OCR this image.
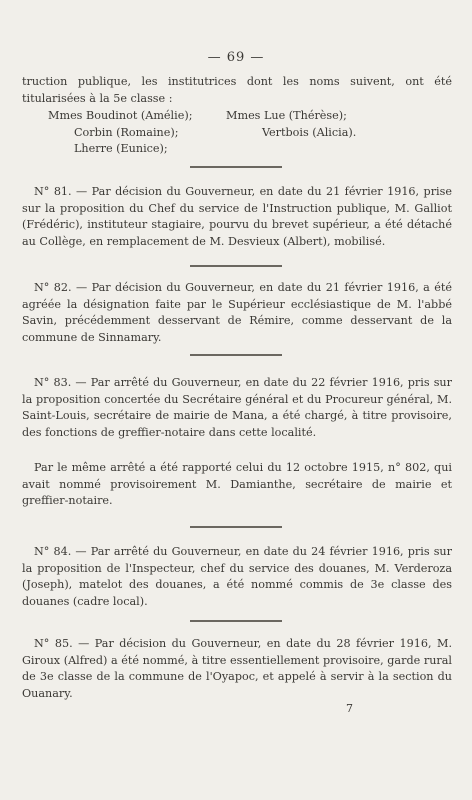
— 69 —

truction publique, les institutrices dont les noms suivent, ont été titularisées à la 5e classe :

Mmes Boudinot (Amélie);
Corbin (Romaine);
Lherre (Eunice);
Mmes Lue (Thérèse);
Vertbois (Alicia).

N° 81. — Par décision du Gouverneur, en date du 21 février 1916, prise sur la proposition du Chef du service de l'Instruction publique, M. Galliot (Frédéric), instituteur stagiaire, pourvu du brevet supérieur, a été détaché au Collège, en remplacement de M. Desvieux (Albert), mobilisé.

N° 82. — Par décision du Gouverneur, en date du 21 février 1916, a été agréée la désignation faite par le Supérieur ecclésiastique de M. l'abbé Savin, précédemment desservant de Rémire, comme desservant de la commune de Sinnamary.

N° 83. — Par arrêté du Gouverneur, en date du 22 février 1916, pris sur la proposition concertée du Secrétaire général et du Procureur général, M. Saint-Louis, secrétaire de mairie de Mana, a été chargé, à titre provisoire, des fonctions de greffier-notaire dans cette localité.

Par le même arrêté a été rapporté celui du 12 octobre 1915, n° 802, qui avait nommé provisoirement M. Damianthe, secrétaire de mairie et greffier-notaire.

N° 84. — Par arrêté du Gouverneur, en date du 24 février 1916, pris sur la proposition de l'Inspecteur, chef du service des douanes, M. Verderoza (Joseph), matelot des douanes, a été nommé commis de 3e classe des douanes (cadre local).

N° 85. — Par décision du Gouverneur, en date du 28 février 1916, M. Giroux (Alfred) a été nommé, à titre essentiellement provisoire, garde rural de 3e classe de la commune de l'Oyapoc, et appelé à servir à la section du Ouanary.

7
